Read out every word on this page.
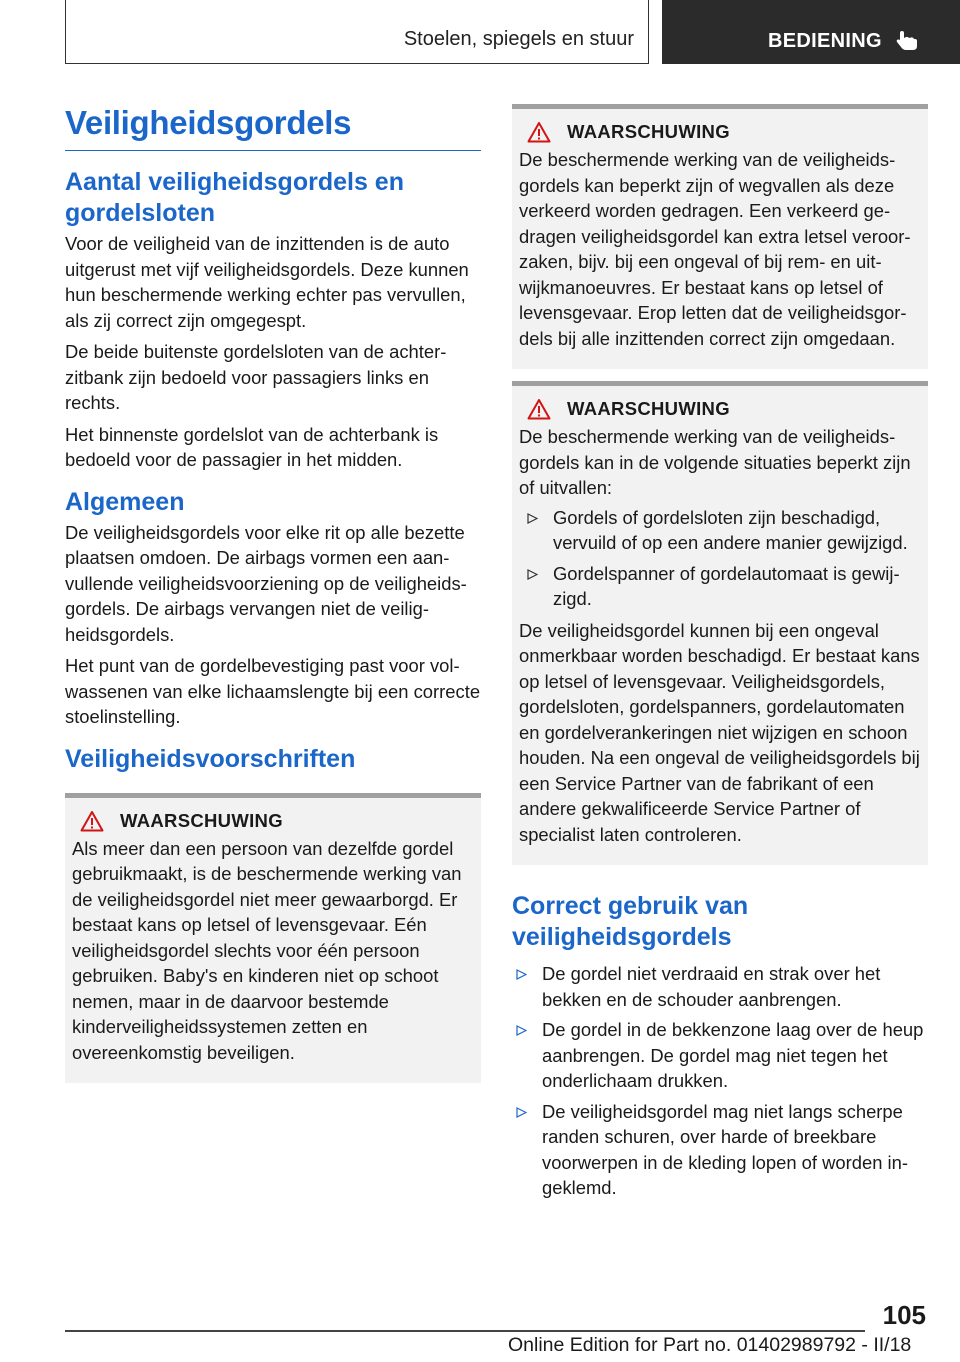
Stoelen, spiegels en stuur	BEDIENING
Veiligheidsgordels
Aantal veiligheidsgordels en gordelsloten

Voor de veiligheid van de inzittenden is de auto uitgerust met vijf veiligheidsgordels. Deze kunnen hun beschermende werking echter pas vervullen, als zij correct zijn omgegespt.

De beide buitenste gordelsloten van de achterzitbank zijn bedoeld voor passagiers links en rechts.

Het binnenste gordelslot van de achterbank is bedoeld voor de passagier in het midden.

Algemeen

De veiligheidsgordels voor elke rit op alle bezette plaatsen omdoen. De airbags vormen een aanvullende veiligheidsvoorziening op de veiligheidsgordels. De airbags vervangen niet de veiligheidsgordels.

Het punt van de gordelbevestiging past voor volwassenen van elke lichaamslengte bij een correcte stoelinstelling.

Veiligheidsvoorschriften
WAARSCHUWING

Als meer dan een persoon van dezelfde gordel gebruikmaakt, is de beschermende werking van de veiligheidsgordel niet meer gewaarborgd. Er bestaat kans op letsel of levensgevaar. Eén veiligheidsgordel slechts voor één persoon gebruiken. Baby's en kinderen niet op schoot nemen, maar in de daarvoor bestemde kinderveiligheidssystemen zetten en overeenkomstig beveiligen.

WAARSCHUWING

De beschermende werking van de veiligheidsgordels kan beperkt zijn of wegvallen als deze verkeerd worden gedragen. Een verkeerd gedragen veiligheidsgordel kan extra letsel veroorzaken, bijv. bij een ongeval of bij rem- en uitwijkmanoeuvres. Er bestaat kans op letsel of levensgevaar. Erop letten dat de veiligheidsgordels bij alle inzittenden correct zijn omgedaan.

WAARSCHUWING

De beschermende werking van de veiligheidsgordels kan in de volgende situaties beperkt zijn of uitvallen:

Gordels of gordelsloten zijn beschadigd, vervuild of op een andere manier gewijzigd.
Gordelspanner of gordelautomaat is gewijzigd.

De veiligheidsgordel kunnen bij een ongeval onmerkbaar worden beschadigd. Er bestaat kans op letsel of levensgevaar. Veiligheidsgordels, gordelsloten, gordelspanners, gordelautomaten en gordelverankeringen niet wijzigen en schoon houden. Na een ongeval de veiligheidsgordels bij een Service Partner van de fabrikant of een andere gekwalificeerde Service Partner of specialist laten controleren.

Correct gebruik van veiligheidsgordels
De gordel niet verdraaid en strak over het bekken en de schouder aanbrengen.
De gordel in de bekkenzone laag over de heup aanbrengen. De gordel mag niet tegen het onderlichaam drukken.
De veiligheidsgordel mag niet langs scherpe randen schuren, over harde of breekbare voorwerpen in de kleding lopen of worden ingeklemd.
105
Online Edition for Part no. 01402989792 - II/18
